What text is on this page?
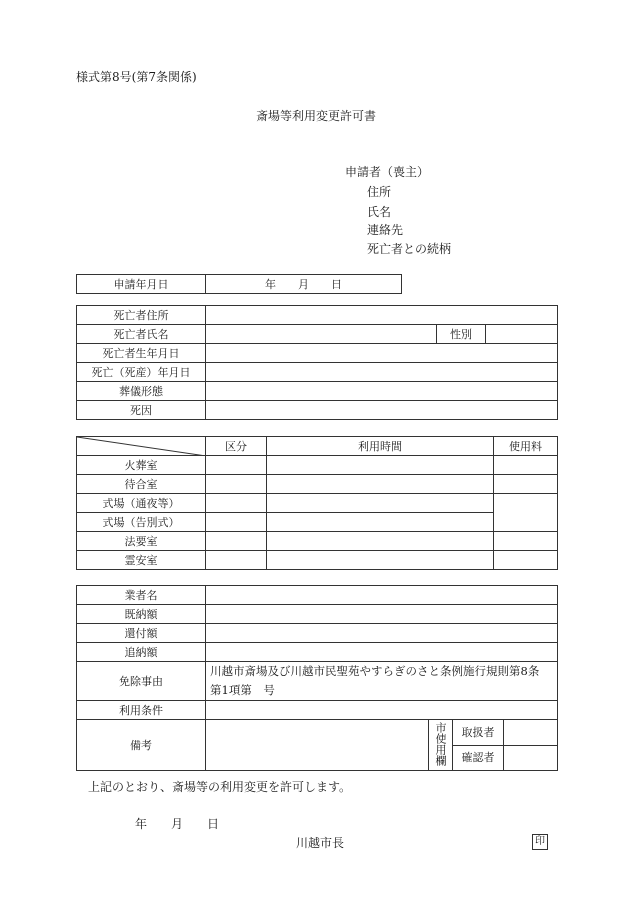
様式第8号(第7条関係)
斎場等利用変更許可書
申請者（喪主）
住所
氏名
連絡先
死亡者との続柄
申請年月日	年　　月　　日
死亡者住所			
死亡者氏名		性別	
死亡者生年月日			
死亡（死産）年月日			
葬儀形態			
死因			
	区分	利用時間	使用料
火葬室			
待合室			
式場（通夜等）			
式場（告別式）			
法要室			
霊安室			
業者名				
既納額				
還付額				
追納額				
免除事由	川越市斎場及び川越市民聖苑やすらぎのさと条例施行規則第8条
第1項第　号			

利用条件				
備考		市使用欄	取扱者	
			確認者	
上記のとおり、斎場等の利用変更を許可します。
年　　月　　日
川越市長	印
